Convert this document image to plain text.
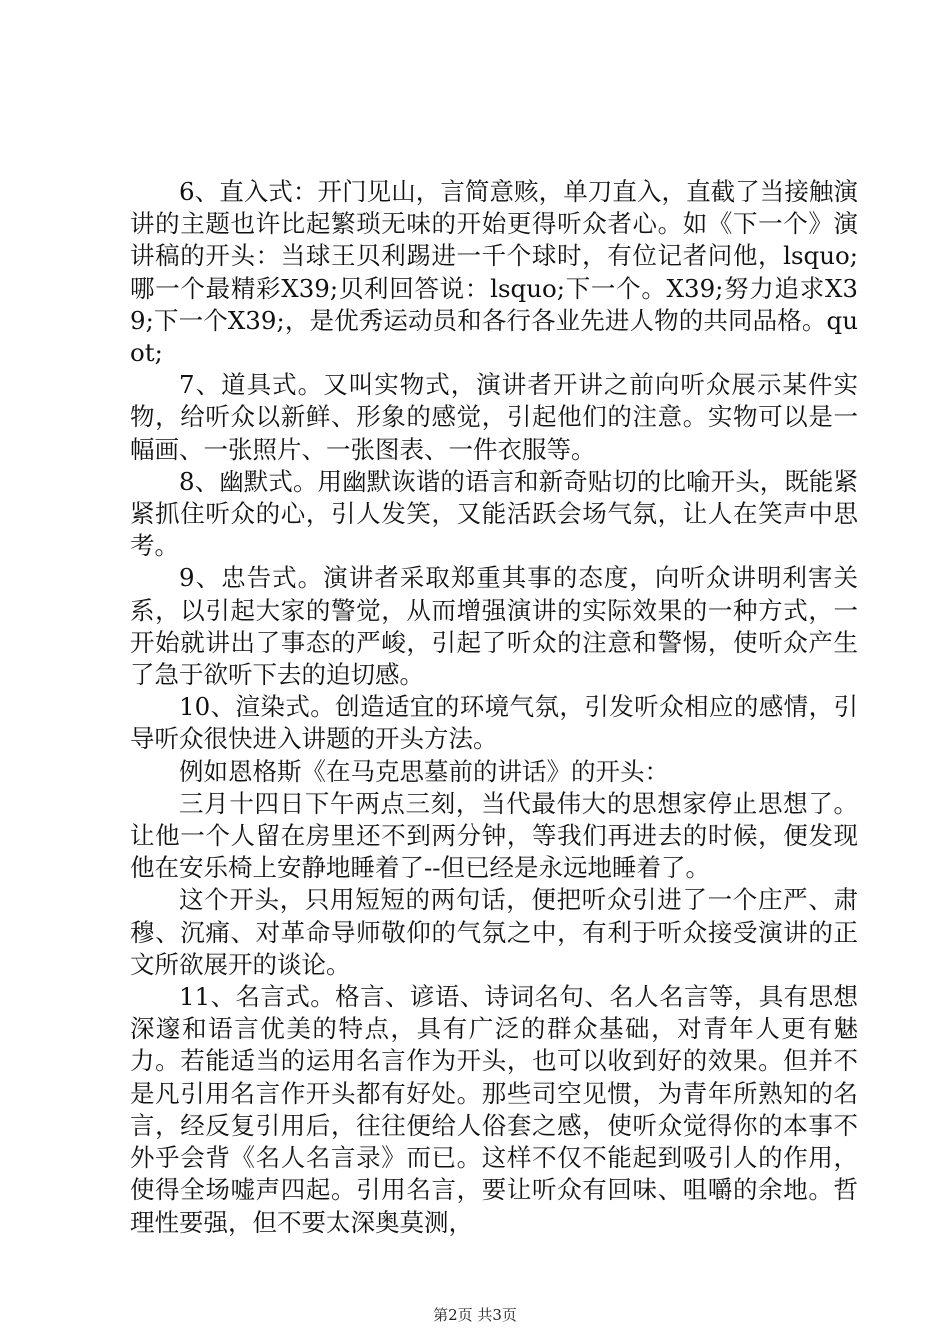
6、直入式：开门见山，言简意赅，单刀直入，直截了当接触演讲的主题也许比起繁琐无味的开始更得听众者心。如《下一个》演讲稿的开头：当球王贝利踢进一千个球时，有位记者问他，lsquo;哪一个最精彩X39;贝利回答说：lsquo;下一个。X39;努力追求X39;下一个X39;，是优秀运动员和各行各业先进人物的共同品格。quot;

7、道具式。又叫实物式，演讲者开讲之前向听众展示某件实物，给听众以新鲜、形象的感觉，引起他们的注意。实物可以是一幅画、一张照片、一张图表、一件衣服等。

8、幽默式。用幽默诙谐的语言和新奇贴切的比喻开头，既能紧紧抓住听众的心，引人发笑，又能活跃会场气氛，让人在笑声中思考。

9、忠告式。演讲者采取郑重其事的态度，向听众讲明利害关系，以引起大家的警觉，从而增强演讲的实际效果的一种方式，一开始就讲出了事态的严峻，引起了听众的注意和警惕，使听众产生了急于欲听下去的迫切感。

10、渲染式。创造适宜的环境气氛，引发听众相应的感情，引导听众很快进入讲题的开头方法。

例如恩格斯《在马克思墓前的讲话》的开头：

三月十四日下午两点三刻，当代最伟大的思想家停止思想了。让他一个人留在房里还不到两分钟，等我们再进去的时候，便发现他在安乐椅上安静地睡着了--但已经是永远地睡着了。

这个开头，只用短短的两句话，便把听众引进了一个庄严、肃穆、沉痛、对革命导师敬仰的气氛之中，有利于听众接受演讲的正文所欲展开的谈论。

11、名言式。格言、谚语、诗词名句、名人名言等，具有思想深邃和语言优美的特点，具有广泛的群众基础，对青年人更有魅力。若能适当的运用名言作为开头，也可以收到好的效果。但并不是凡引用名言作开头都有好处。那些司空见惯，为青年所熟知的名言，经反复引用后，往往便给人俗套之感，使听众觉得你的本事不外乎会背《名人名言录》而已。这样不仅不能起到吸引人的作用，使得全场嘘声四起。引用名言，要让听众有回味、咀嚼的余地。哲理性要强，但不要太深奥莫测，

第2页 共3页
